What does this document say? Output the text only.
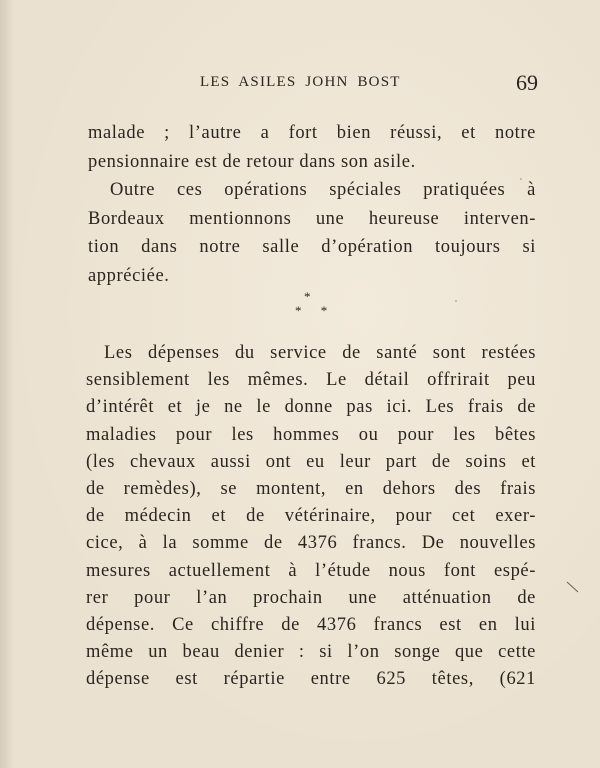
LES ASILES JOHN BOST	69

malade ; l’autre a fort bien réussi, et notre

pensionnaire est de retour dans son asile.

Outre ces opérations spéciales pratiquées à

Bordeaux mentionnons une heureuse interven-

tion dans notre salle d’opération toujours si

appréciée.

*
* *

Les dépenses du service de santé sont restées

sensiblement les mêmes. Le détail offrirait peu

d’intérêt et je ne le donne pas ici. Les frais de

maladies pour les hommes ou pour les bêtes

(les chevaux aussi ont eu leur part de soins et

de remèdes), se montent, en dehors des frais

de médecin et de vétérinaire, pour cet exer-

cice, à la somme de 4376 francs. De nouvelles

mesures actuellement à l’étude nous font espé-

rer pour l’an prochain une atténuation de

dépense. Ce chiffre de 4376 francs est en lui

même un beau denier : si l’on songe que cette

dépense est répartie entre 625 têtes, (621
